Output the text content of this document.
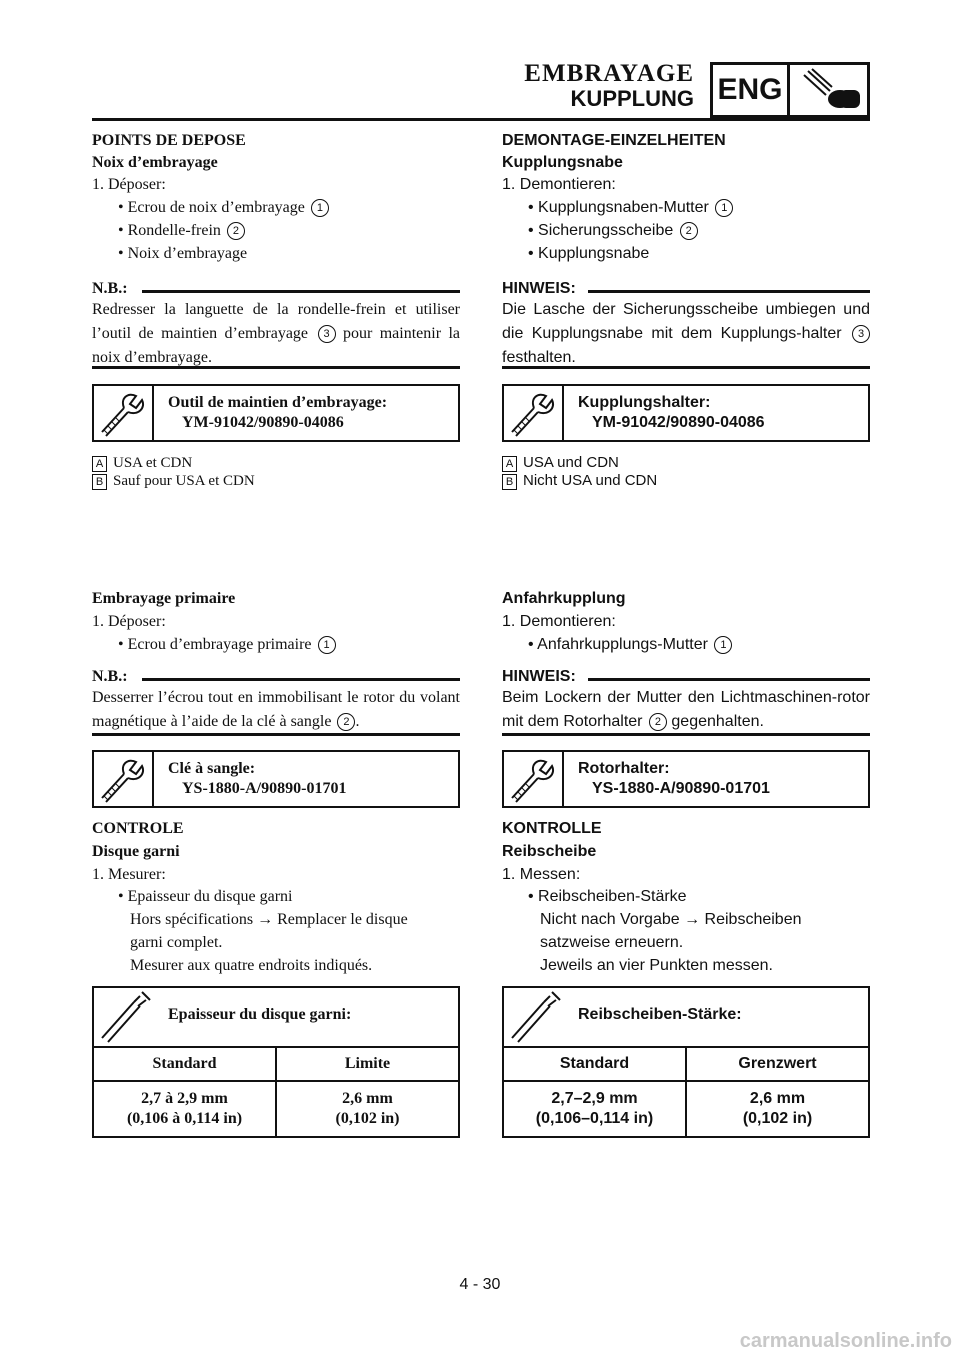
EMBRAYAGE
KUPPLUNG ENG
POINTS DE DEPOSE
Noix d’embrayage
1. Déposer:
• Ecrou de noix d’embrayage 1
• Rondelle-frein 2
• Noix d’embrayage
N.B.:
Redresser la languette de la rondelle-frein et utiliser l’outil de maintien d’embrayage 3 pour maintenir la noix d’embrayage.
Outil de maintien d’embrayage:
YM-91042/90890-04086
A USA et CDN
B Sauf pour USA et CDN
Embrayage primaire
1. Déposer:
• Ecrou d’embrayage primaire 1
N.B.:
Desserrer l’écrou tout en immobilisant le rotor du volant magnétique à l’aide de la clé à sangle 2 .
Clé à sangle:
YS-1880-A/90890-01701
CONTROLE
Disque garni
1. Mesurer:
• Epaisseur du disque garni
Hors spécifications → Remplacer le disque
garni complet.
Mesurer aux quatre endroits indiqués.
Epaisseur du disque garni:
Standard	Limite
2,7 à 2,9 mm
(0,106 à 0,114 in)
2,6 mm
(0,102 in)
DEMONTAGE-EINZELHEITEN
Kupplungsnabe
1. Demontieren:
• Kupplungsnaben-Mutter 1
• Sicherungsscheibe 2
• Kupplungsnabe
HINWEIS:
Die Lasche der Sicherungsscheibe umbiegen und die Kupplungsnabe mit dem Kupplungs-halter 3 festhalten.
Kupplungshalter:
YM-91042/90890-04086
A USA und CDN
B Nicht USA und CDN
Anfahrkupplung
1. Demontieren:
• Anfahrkupplungs-Mutter 1
HINWEIS:
Beim Lockern der Mutter den Lichtmaschinen-rotor mit dem Rotorhalter 2 gegenhalten.
Rotorhalter:
YS-1880-A/90890-01701
KONTROLLE
Reibscheibe
1. Messen:
• Reibscheiben-Stärke
Nicht nach Vorgabe → Reibscheiben
satzweise erneuern.
Jeweils an vier Punkten messen.
Reibscheiben-Stärke:
Standard	Grenzwert
2,7–2,9 mm
(0,106–0,114 in)
2,6 mm
(0,102 in)
4 - 30
carmanualsonline.info
